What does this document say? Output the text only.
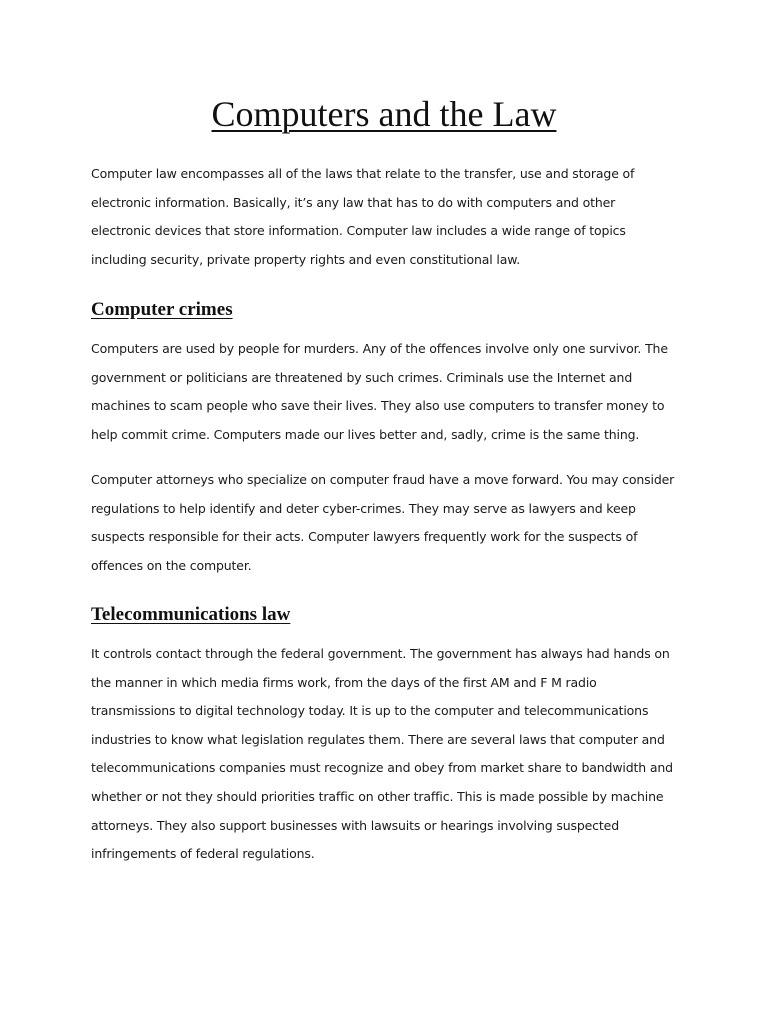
Computers and the Law

Computer law encompasses all of the laws that relate to the transfer, use and storage of
electronic information. Basically, it’s any law that has to do with computers and other
electronic devices that store information. Computer law includes a wide range of topics
including security, private property rights and even constitutional law.

Computer crimes

Computers are used by people for murders. Any of the offences involve only one survivor. The
government or politicians are threatened by such crimes. Criminals use the Internet and
machines to scam people who save their lives. They also use computers to transfer money to
help commit crime. Computers made our lives better and, sadly, crime is the same thing.

Computer attorneys who specialize on computer fraud have a move forward. You may consider
regulations to help identify and deter cyber-crimes. They may serve as lawyers and keep
suspects responsible for their acts. Computer lawyers frequently work for the suspects of
offences on the computer.

Telecommunications law

It controls contact through the federal government. The government has always had hands on
the manner in which media firms work, from the days of the first AM and F M radio
transmissions to digital technology today. It is up to the computer and telecommunications
industries to know what legislation regulates them. There are several laws that computer and
telecommunications companies must recognize and obey from market share to bandwidth and
whether or not they should priorities traffic on other traffic. This is made possible by machine
attorneys. They also support businesses with lawsuits or hearings involving suspected
infringements of federal regulations.
